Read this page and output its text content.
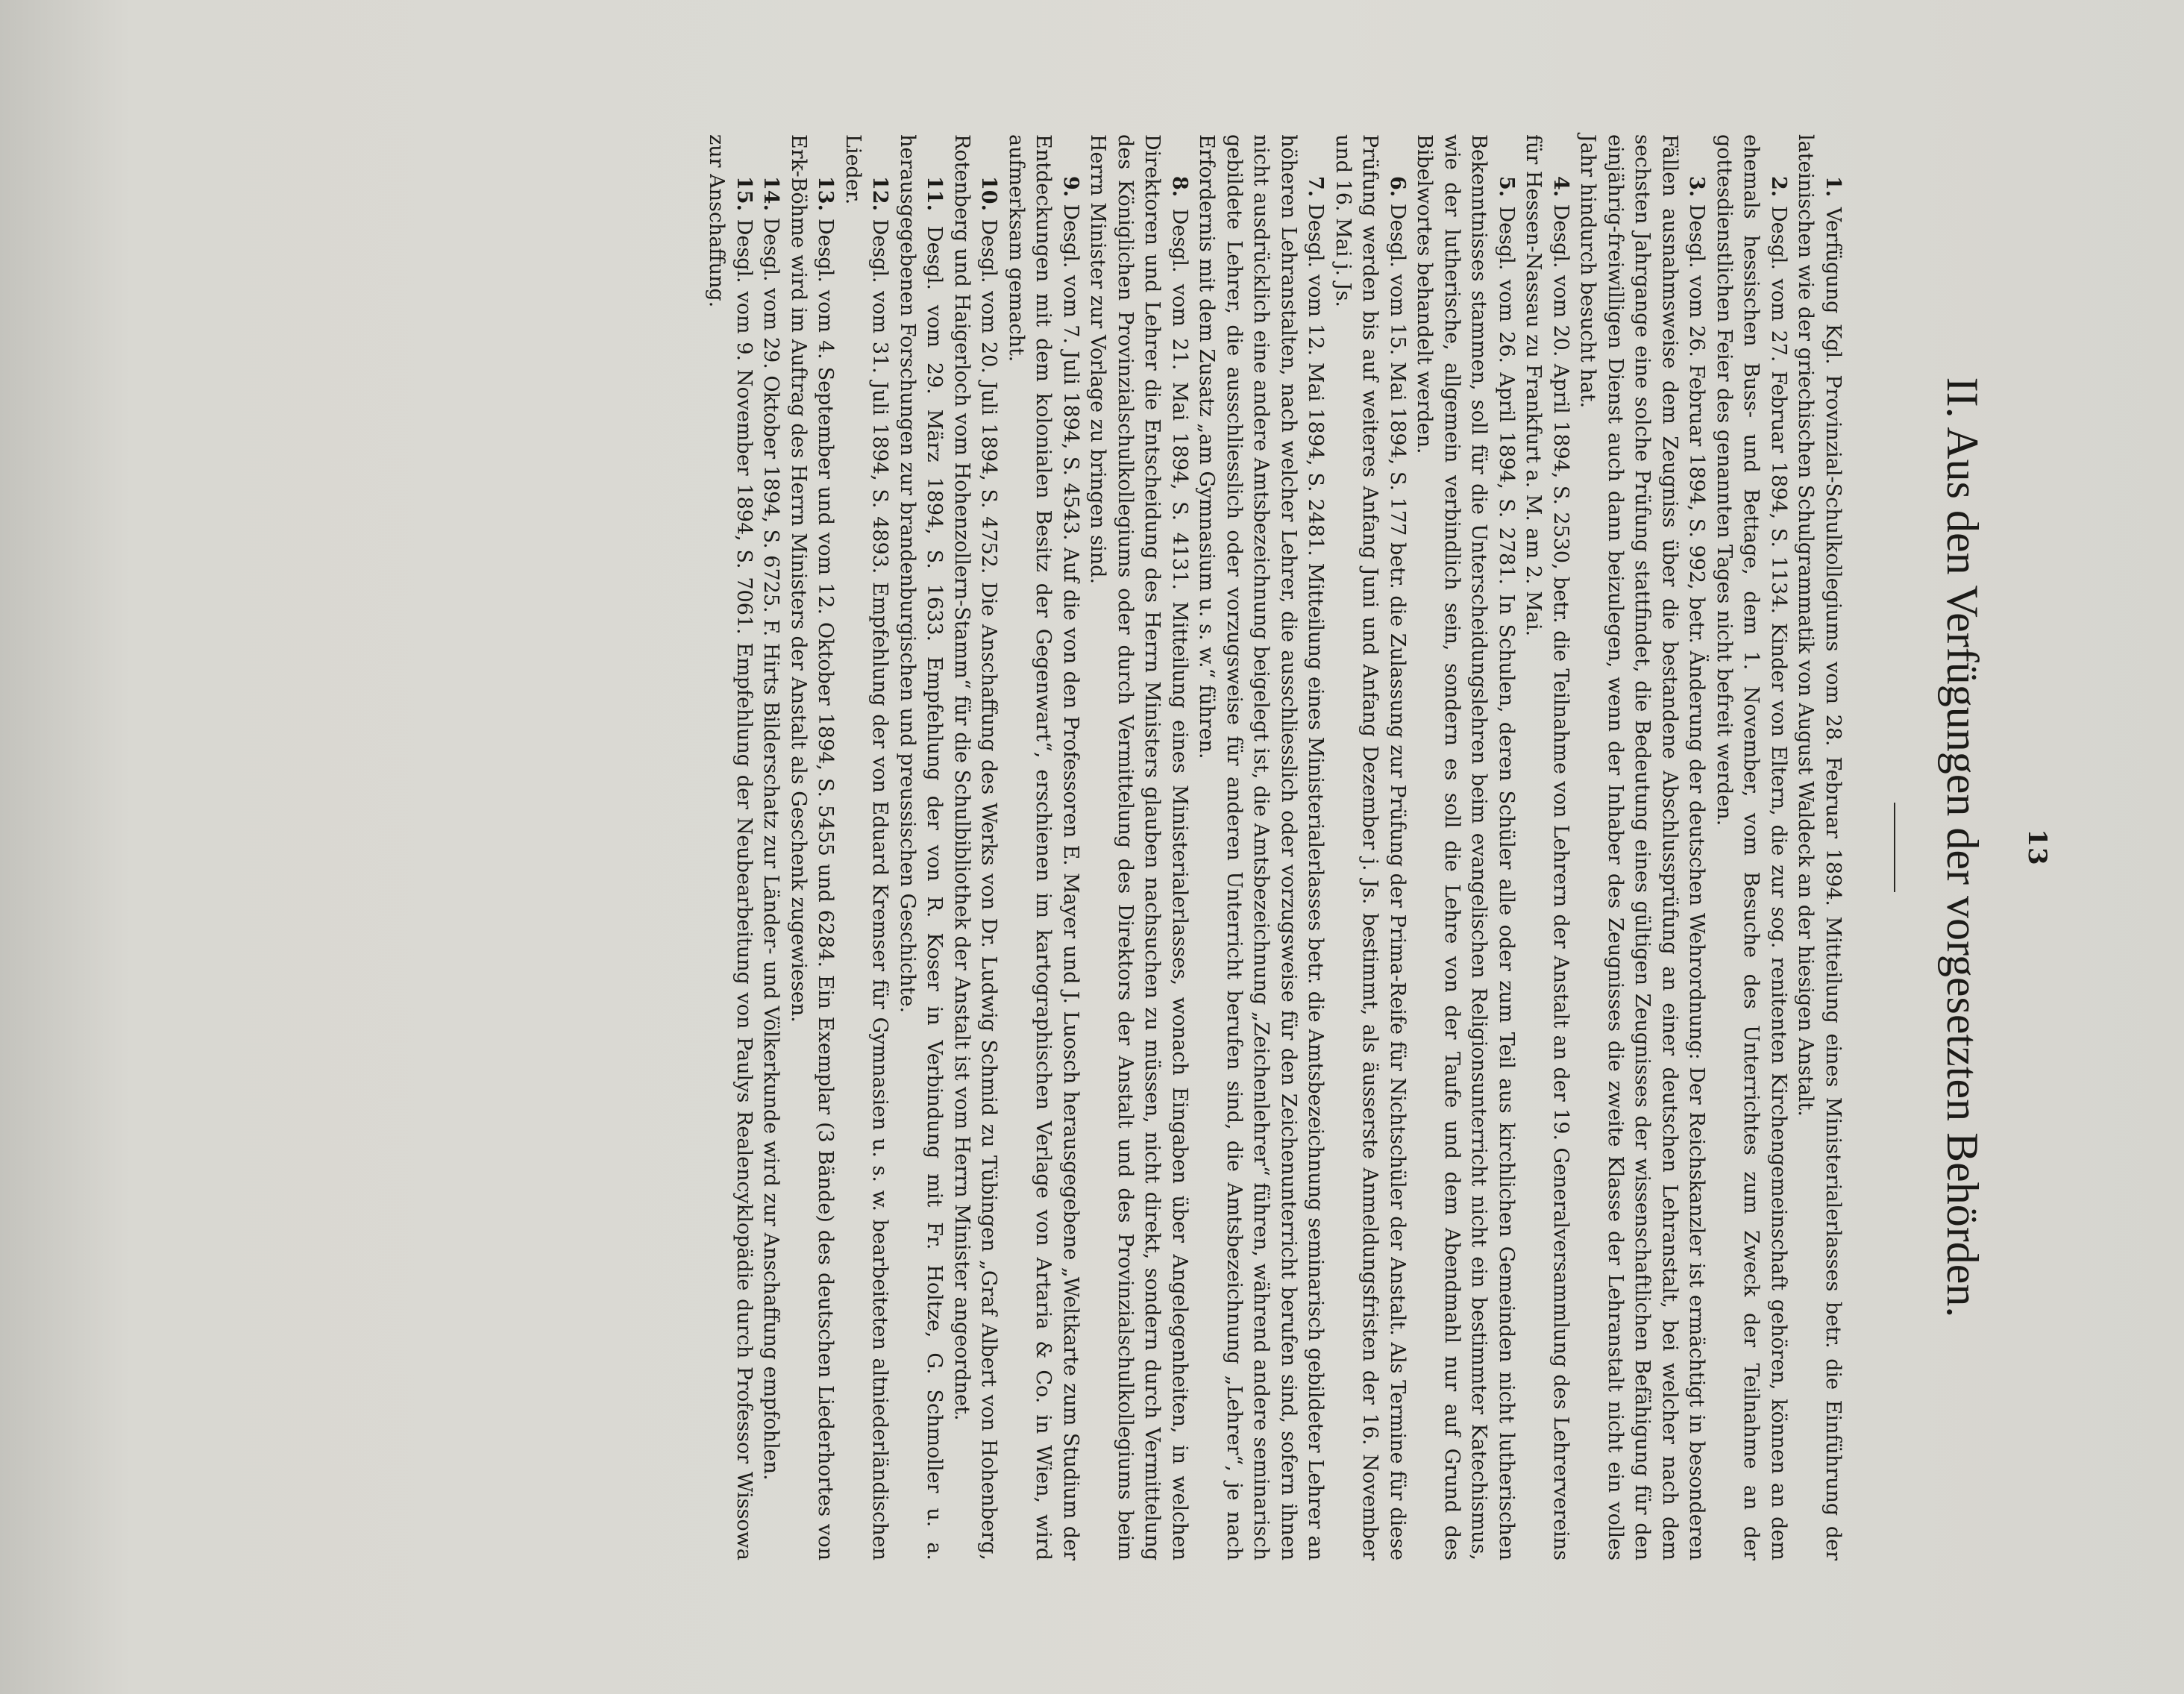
13
II. Aus den Verfügungen der vorgesetzten Behörden.

1. Verfügung Kgl. Provinzial-Schulkollegiums vom 28. Februar 1894. Mitteilung eines Ministerialerlasses betr. die Einführung der lateinischen wie der griechischen Schulgrammatik von August Waldeck an der hiesigen Anstalt.

2. Desgl. vom 27. Februar 1894, S. 1134. Kinder von Eltern, die zur sog. renitenten Kirchengemeinschaft gehören, können an dem ehemals hessischen Buss- und Bettage, dem 1. November, vom Besuche des Unterrichtes zum Zweck der Teilnahme an der gottesdienstlichen Feier des genannten Tages nicht befreit werden.

3. Desgl. vom 26. Februar 1894, S. 992, betr. Änderung der deutschen Wehrordnung: Der Reichskanzler ist ermächtigt in besonderen Fällen ausnahmsweise dem Zeugniss über die bestandene Abschlussprüfung an einer deutschen Lehranstalt, bei welcher nach dem sechsten Jahrgange eine solche Prüfung stattfindet, die Bedeutung eines gültigen Zeugnisses der wissenschaftlichen Befähigung für den einjährig-freiwilligen Dienst auch dann beizulegen, wenn der Inhaber des Zeugnisses die zweite Klasse der Lehranstalt nicht ein volles Jahr hindurch besucht hat.

4. Desgl. vom 20. April 1894, S. 2530, betr. die Teilnahme von Lehrern der Anstalt an der 19. Generalversammlung des Lehrervereins für Hessen-Nassau zu Frankfurt a. M. am 2. Mai.

5. Desgl. vom 26. April 1894, S. 2781. In Schulen, deren Schüler alle oder zum Teil aus kirchlichen Gemeinden nicht lutherischen Bekenntnisses stammen, soll für die Unterscheidungslehren beim evangelischen Religionsunterricht nicht ein bestimmter Katechismus, wie der lutherische, allgemein verbindlich sein, sondern es soll die Lehre von der Taufe und dem Abendmahl nur auf Grund des Bibelwortes behandelt werden.

6. Desgl. vom 15. Mai 1894, S. 177 betr. die Zulassung zur Prüfung der Prima-Reife für Nichtschüler der Anstalt. Als Termine für diese Prüfung werden bis auf weiteres Anfang Juni und Anfang Dezember j. Js. bestimmt, als äusserste Anmeldungsfristen der 16. November und 16. Mai j. Js.

7. Desgl. vom 12. Mai 1894, S. 2481. Mitteilung eines Ministerialerlasses betr. die Amtsbezeichnung seminarisch gebildeter Lehrer an höheren Lehranstalten, nach welcher Lehrer, die ausschliesslich oder vorzugsweise für den Zeichenunterricht berufen sind, sofern ihnen nicht ausdrücklich eine andere Amtsbezeichnung beigelegt ist, die Amtsbezeichnung „Zeichenlehrer“ führen, während andere seminarisch gebildete Lehrer, die ausschliesslich oder vorzugsweise für anderen Unterricht berufen sind, die Amtsbezeichnung „Lehrer“, je nach Erfordernis mit dem Zusatz „am Gymnasium u. s. w.“ führen.

8. Desgl. vom 21. Mai 1894, S. 4131. Mitteilung eines Ministerialerlasses, wonach Eingaben über Angelegenheiten, in welchen Direktoren und Lehrer die Entscheidung des Herrn Ministers glauben nachsuchen zu müssen, nicht direkt, sondern durch Vermittelung des Königlichen Provinzialschulkollegiums oder durch Vermittelung des Direktors der Anstalt und des Provinzialschulkollegiums beim Herrn Minister zur Vorlage zu bringen sind.

9. Desgl. vom 7. Juli 1894, S. 4543. Auf die von den Professoren E. Mayer und J. Luosch herausgegebene „Weltkarte zum Studium der Entdeckungen mit dem kolonialen Besitz der Gegenwart“, erschienen im kartographischen Verlage von Artaria & Co. in Wien, wird aufmerksam gemacht.

10. Desgl. vom 20. Juli 1894, S. 4752. Die Anschaffung des Werks von Dr. Ludwig Schmid zu Tübingen „Graf Albert von Hohenberg, Rotenberg und Haigerloch vom Hohenzollern-Stamm“ für die Schulbibliothek der Anstalt ist vom Herrn Minister angeordnet.

11. Desgl. vom 29. März 1894, S. 1633. Empfehlung der von R. Koser in Verbindung mit Fr. Holtze, G. Schmoller u. a. herausgegebenen Forschungen zur brandenburgischen und preussischen Geschichte.

12. Desgl. vom 31. Juli 1894, S. 4893. Empfehlung der von Eduard Kremser für Gymnasien u. s. w. bearbeiteten altniederländischen Lieder.

13. Desgl. vom 4. September und vom 12. Oktober 1894, S. 5455 und 6284. Ein Exemplar (3 Bände) des deutschen Liederhortes von Erk-Böhme wird im Auftrag des Herrn Ministers der Anstalt als Geschenk zugewiesen.

14. Desgl. vom 29. Oktober 1894, S. 6725. F. Hirts Bilderschatz zur Länder- und Völkerkunde wird zur Anschaffung empfohlen.

15. Desgl. vom 9. November 1894, S. 7061. Empfehlung der Neubearbeitung von Paulys Realencyklopädie durch Professor Wissowa zur Anschaffung.
